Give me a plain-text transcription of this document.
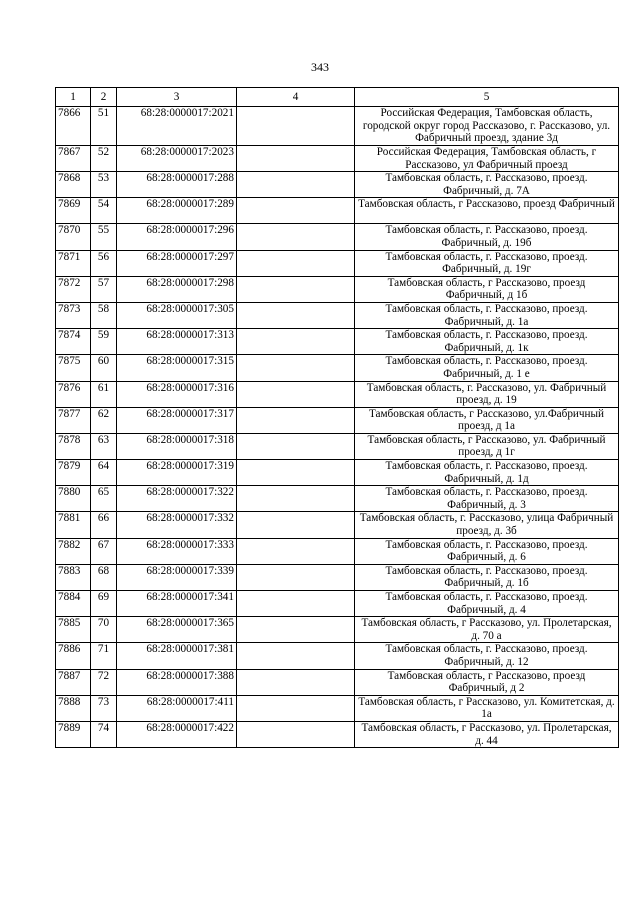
343
1	2	3	4	5
7866	51	68:28:0000017:2021		Российская Федерация, Тамбовская область, городской округ город Рассказово, г. Рассказово, ул. Фабричный проезд, здание 3д
7867	52	68:28:0000017:2023		Российская Федерация, Тамбовская область, г Рассказово, ул Фабричный проезд
7868	53	68:28:0000017:288		Тамбовская область, г. Рассказово, проезд. Фабричный, д. 7А
7869	54	68:28:0000017:289		Тамбовская область, г Рассказово, проезд Фабричный
7870	55	68:28:0000017:296		Тамбовская область, г. Рассказово, проезд. Фабричный, д. 19б
7871	56	68:28:0000017:297		Тамбовская область, г. Рассказово, проезд. Фабричный, д. 19г
7872	57	68:28:0000017:298		Тамбовская область, г Рассказово, проезд Фабричный, д 1б
7873	58	68:28:0000017:305		Тамбовская область, г. Рассказово, проезд. Фабричный, д. 1а
7874	59	68:28:0000017:313		Тамбовская область, г. Рассказово, проезд. Фабричный, д. 1к
7875	60	68:28:0000017:315		Тамбовская область, г. Рассказово, проезд. Фабричный, д. 1 е
7876	61	68:28:0000017:316		Тамбовская область, г. Рассказово, ул. Фабричный проезд, д. 19
7877	62	68:28:0000017:317		Тамбовская область, г Рассказово, ул.Фабричный проезд, д 1а
7878	63	68:28:0000017:318		Тамбовская область, г Рассказово, ул. Фабричный проезд, д 1г
7879	64	68:28:0000017:319		Тамбовская область, г. Рассказово, проезд. Фабричный, д. 1д
7880	65	68:28:0000017:322		Тамбовская область, г. Рассказово, проезд. Фабричный, д. 3
7881	66	68:28:0000017:332		Тамбовская область, г. Рассказово, улица Фабричный проезд, д. 3б
7882	67	68:28:0000017:333		Тамбовская область, г. Рассказово, проезд. Фабричный, д. 6
7883	68	68:28:0000017:339		Тамбовская область, г. Рассказово, проезд. Фабричный, д. 1б
7884	69	68:28:0000017:341		Тамбовская область, г. Рассказово, проезд. Фабричный, д. 4
7885	70	68:28:0000017:365		Тамбовская область, г Рассказово, ул. Пролетарская, д. 70 а
7886	71	68:28:0000017:381		Тамбовская область, г. Рассказово, проезд. Фабричный, д. 12
7887	72	68:28:0000017:388		Тамбовская область, г Рассказово, проезд Фабричный, д 2
7888	73	68:28:0000017:411		Тамбовская область, г Рассказово, ул. Комитетская, д. 1а
7889	74	68:28:0000017:422		Тамбовская область, г Рассказово, ул. Пролетарская, д. 44
